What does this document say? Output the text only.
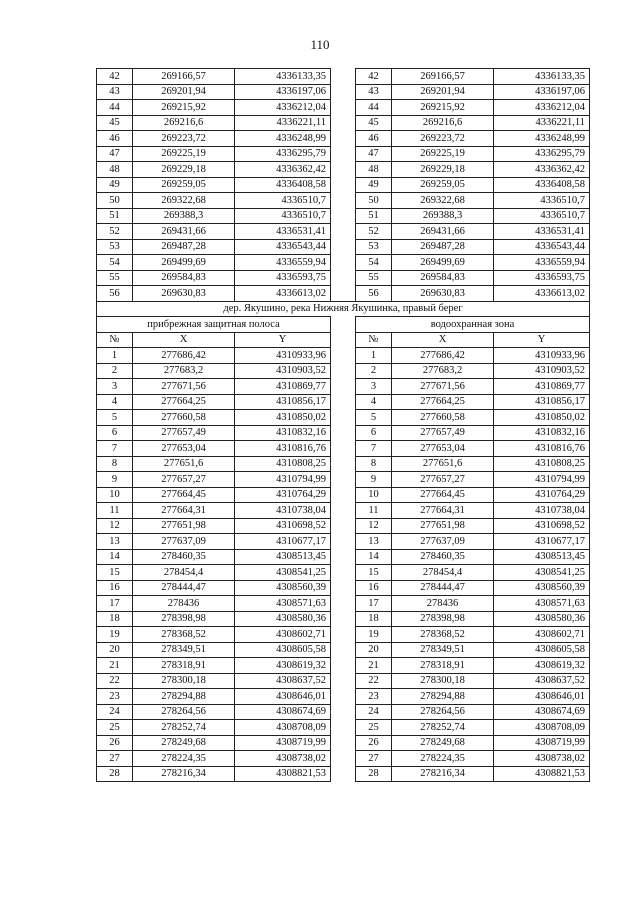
110
42	269166,57	4336133,35		42	269166,57	4336133,35
43	269201,94	4336197,06		43	269201,94	4336197,06
44	269215,92	4336212,04		44	269215,92	4336212,04
45	269216,6	4336221,11		45	269216,6	4336221,11
46	269223,72	4336248,99		46	269223,72	4336248,99
47	269225,19	4336295,79		47	269225,19	4336295,79
48	269229,18	4336362,42		48	269229,18	4336362,42
49	269259,05	4336408,58		49	269259,05	4336408,58
50	269322,68	4336510,7		50	269322,68	4336510,7
51	269388,3	4336510,7		51	269388,3	4336510,7
52	269431,66	4336531,41		52	269431,66	4336531,41
53	269487,28	4336543,44		53	269487,28	4336543,44
54	269499,69	4336559,94		54	269499,69	4336559,94
55	269584,83	4336593,75		55	269584,83	4336593,75
56	269630,83	4336613,02		56	269630,83	4336613,02
дер. Якушино, река Нижняя Якушинка, правый берег						
прибрежная защитная полоса				водоохранная зона		
№	X	Y		№	X	Y
1	277686,42	4310933,96		1	277686,42	4310933,96
2	277683,2	4310903,52		2	277683,2	4310903,52
3	277671,56	4310869,77		3	277671,56	4310869,77
4	277664,25	4310856,17		4	277664,25	4310856,17
5	277660,58	4310850,02		5	277660,58	4310850,02
6	277657,49	4310832,16		6	277657,49	4310832,16
7	277653,04	4310816,76		7	277653,04	4310816,76
8	277651,6	4310808,25		8	277651,6	4310808,25
9	277657,27	4310794,99		9	277657,27	4310794,99
10	277664,45	4310764,29		10	277664,45	4310764,29
11	277664,31	4310738,04		11	277664,31	4310738,04
12	277651,98	4310698,52		12	277651,98	4310698,52
13	277637,09	4310677,17		13	277637,09	4310677,17
14	278460,35	4308513,45		14	278460,35	4308513,45
15	278454,4	4308541,25		15	278454,4	4308541,25
16	278444,47	4308560,39		16	278444,47	4308560,39
17	278436	4308571,63		17	278436	4308571,63
18	278398,98	4308580,36		18	278398,98	4308580,36
19	278368,52	4308602,71		19	278368,52	4308602,71
20	278349,51	4308605,58		20	278349,51	4308605,58
21	278318,91	4308619,32		21	278318,91	4308619,32
22	278300,18	4308637,52		22	278300,18	4308637,52
23	278294,88	4308646,01		23	278294,88	4308646,01
24	278264,56	4308674,69		24	278264,56	4308674,69
25	278252,74	4308708,09		25	278252,74	4308708,09
26	278249,68	4308719,99		26	278249,68	4308719,99
27	278224,35	4308738,02		27	278224,35	4308738,02
28	278216,34	4308821,53		28	278216,34	4308821,53
